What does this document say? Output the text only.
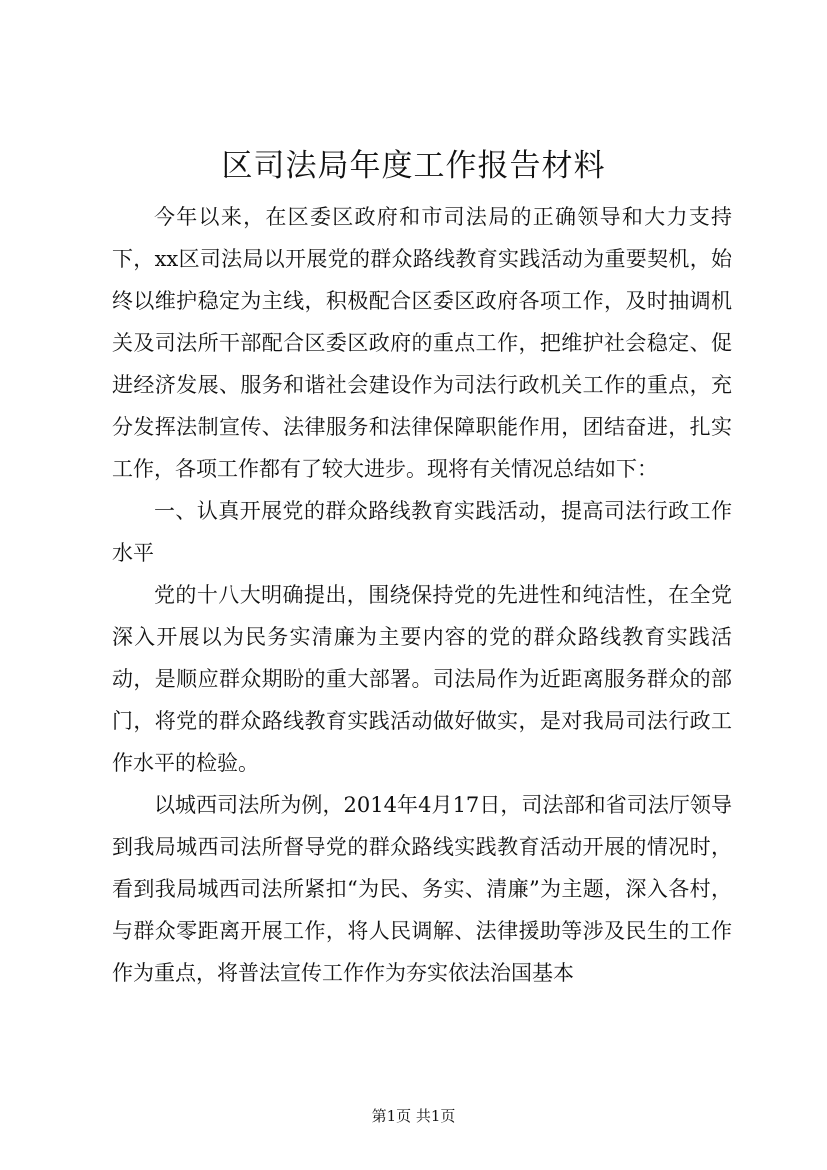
区司法局年度工作报告材料

今年以来，在区委区政府和市司法局的正确领导和大力支持下，xx区司法局以开展党的群众路线教育实践活动为重要契机，始终以维护稳定为主线，积极配合区委区政府各项工作，及时抽调机关及司法所干部配合区委区政府的重点工作，把维护社会稳定、促进经济发展、服务和谐社会建设作为司法行政机关工作的重点，充分发挥法制宣传、法律服务和法律保障职能作用，团结奋进，扎实工作，各项工作都有了较大进步。现将有关情况总结如下：

一、认真开展党的群众路线教育实践活动，提高司法行政工作水平

党的十八大明确提出，围绕保持党的先进性和纯洁性，在全党深入开展以为民务实清廉为主要内容的党的群众路线教育实践活动，是顺应群众期盼的重大部署。司法局作为近距离服务群众的部门，将党的群众路线教育实践活动做好做实，是对我局司法行政工作水平的检验。

以城西司法所为例，2014年4月17日，司法部和省司法厅领导到我局城西司法所督导党的群众路线实践教育活动开展的情况时，看到我局城西司法所紧扣“为民、务实、清廉”为主题，深入各村，与群众零距离开展工作，将人民调解、法律援助等涉及民生的工作作为重点，将普法宣传工作作为夯实依法治国基本

第1页 共1页
